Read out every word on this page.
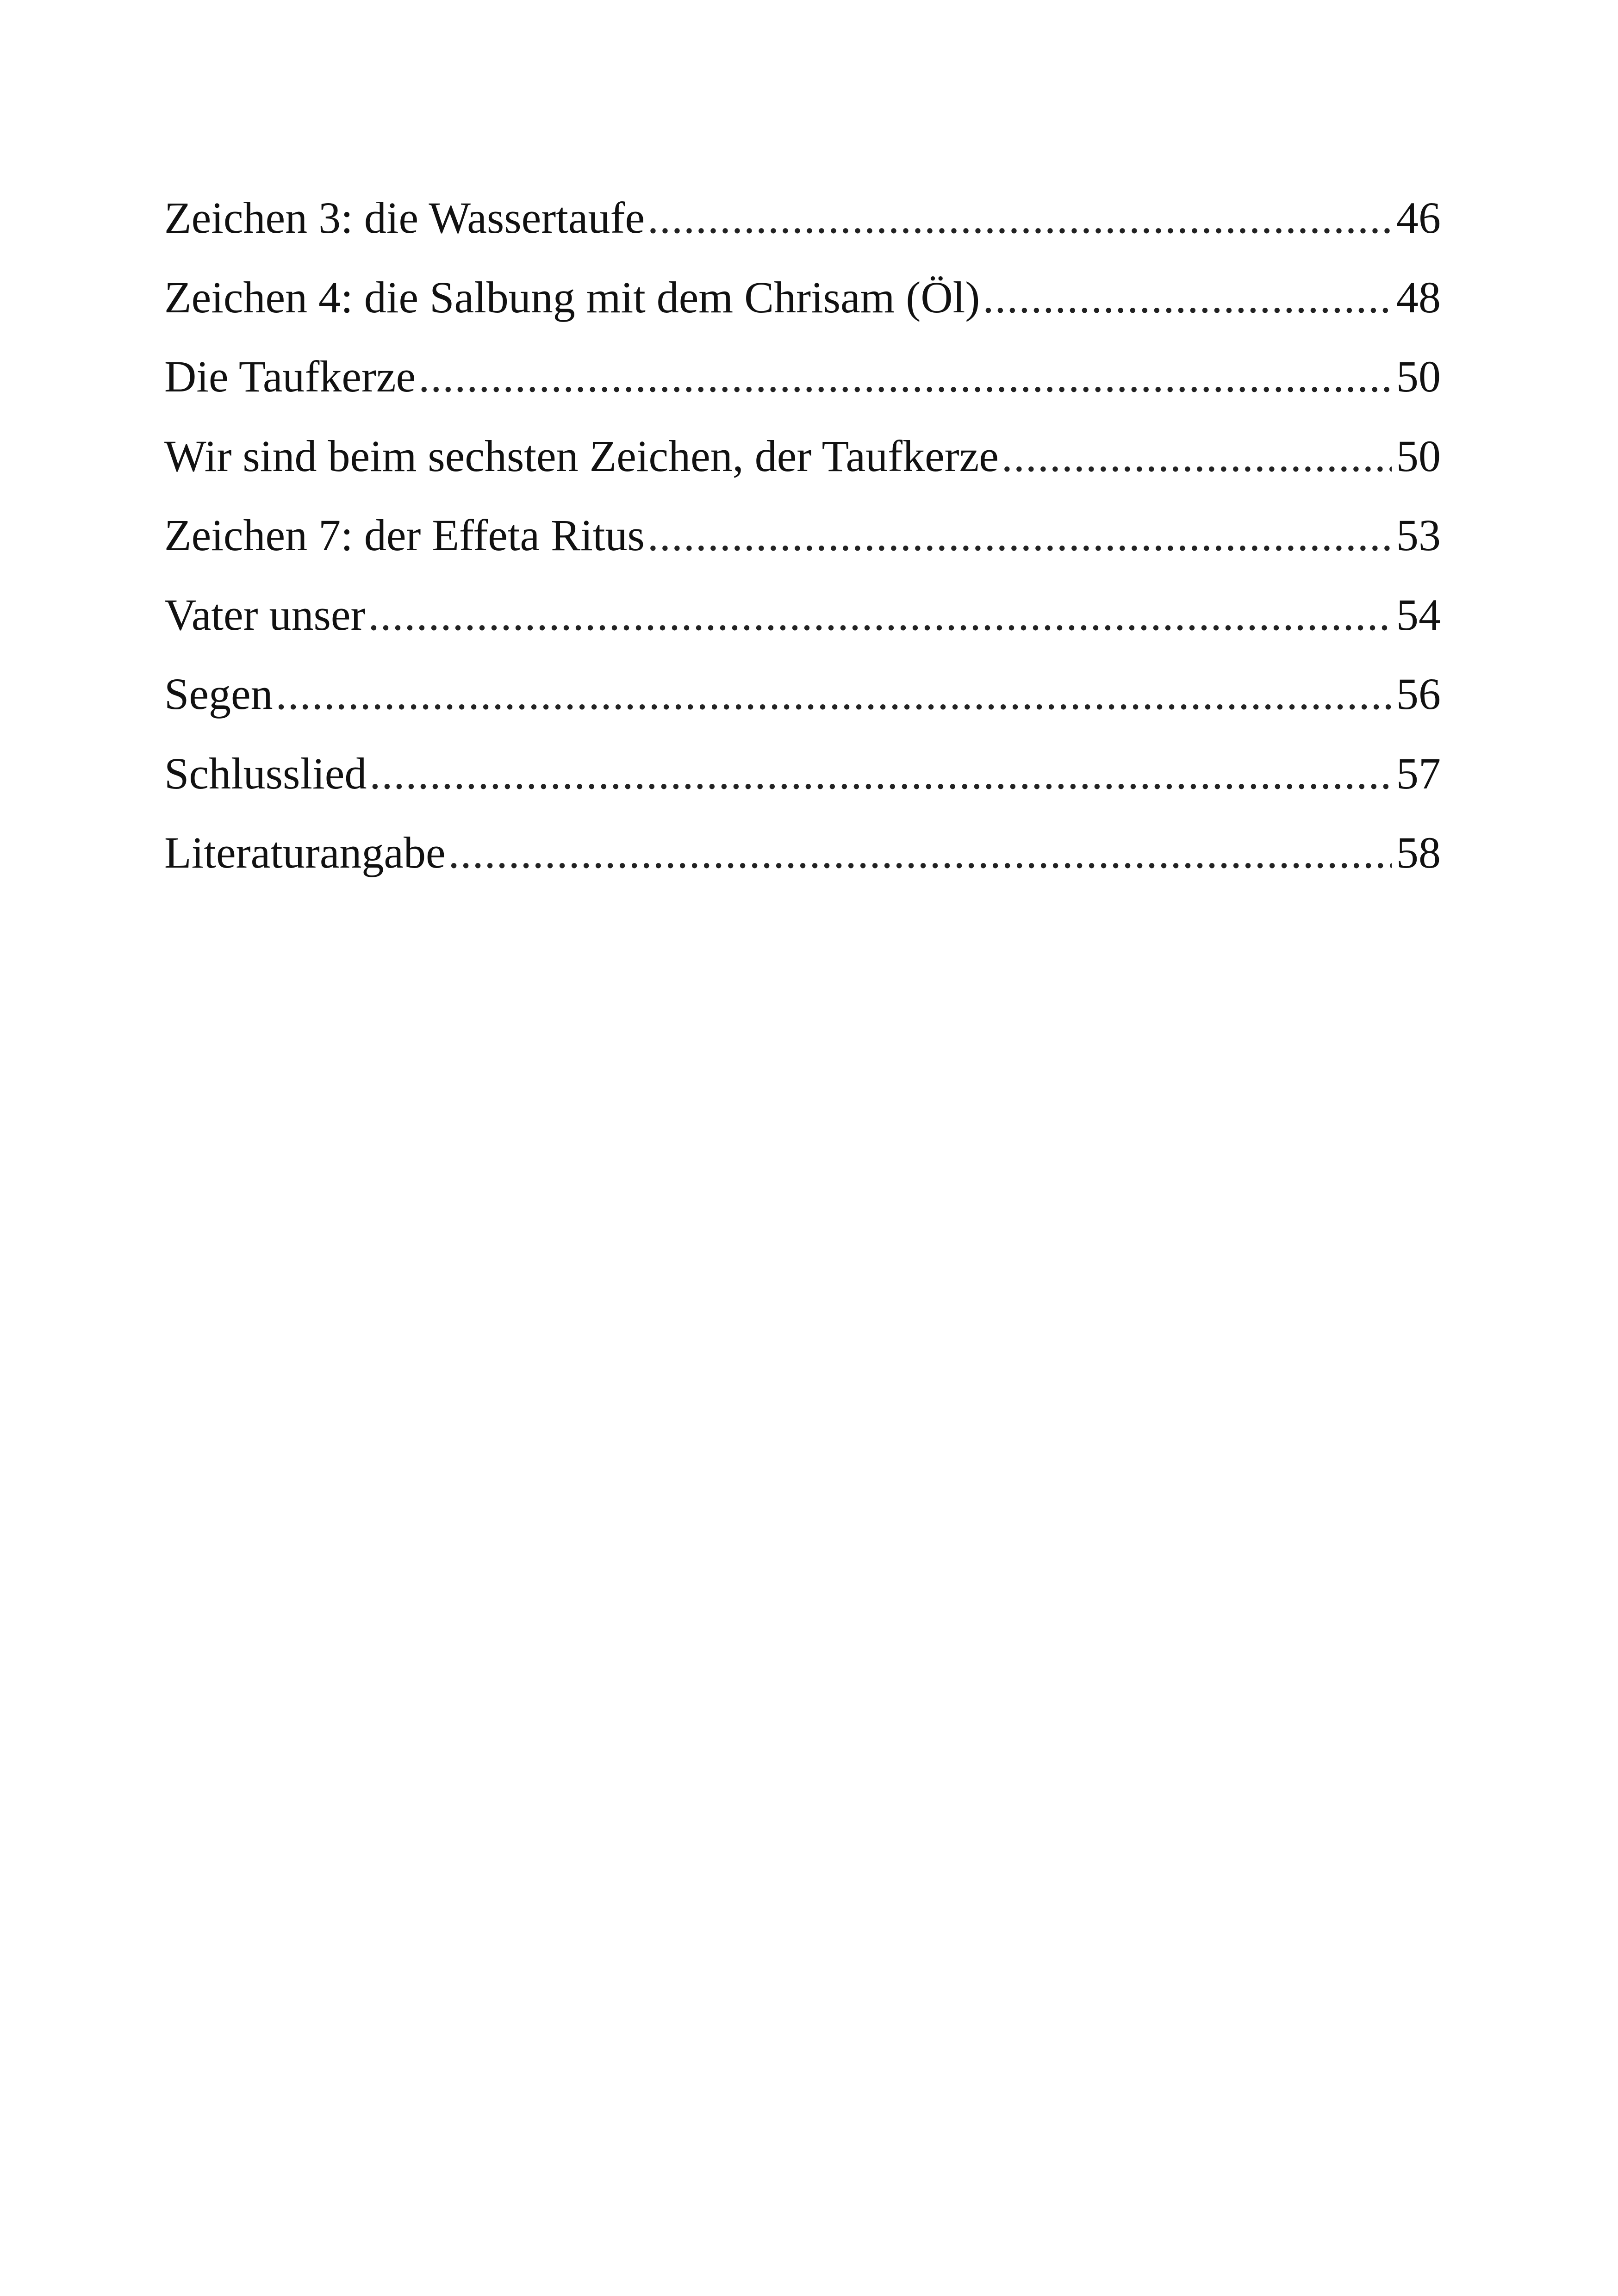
Zeichen 3: die Wassertaufe .....	46
Zeichen 4: die Salbung mit dem Chrisam (Öl) .....	48
Die Taufkerze .....	50
Wir sind beim sechsten Zeichen, der Taufkerze .....	50
Zeichen 7: der Effeta Ritus .....	53
Vater unser .....	54
Segen .....	56
Schlusslied .....	57
Literaturangabe .....	58
